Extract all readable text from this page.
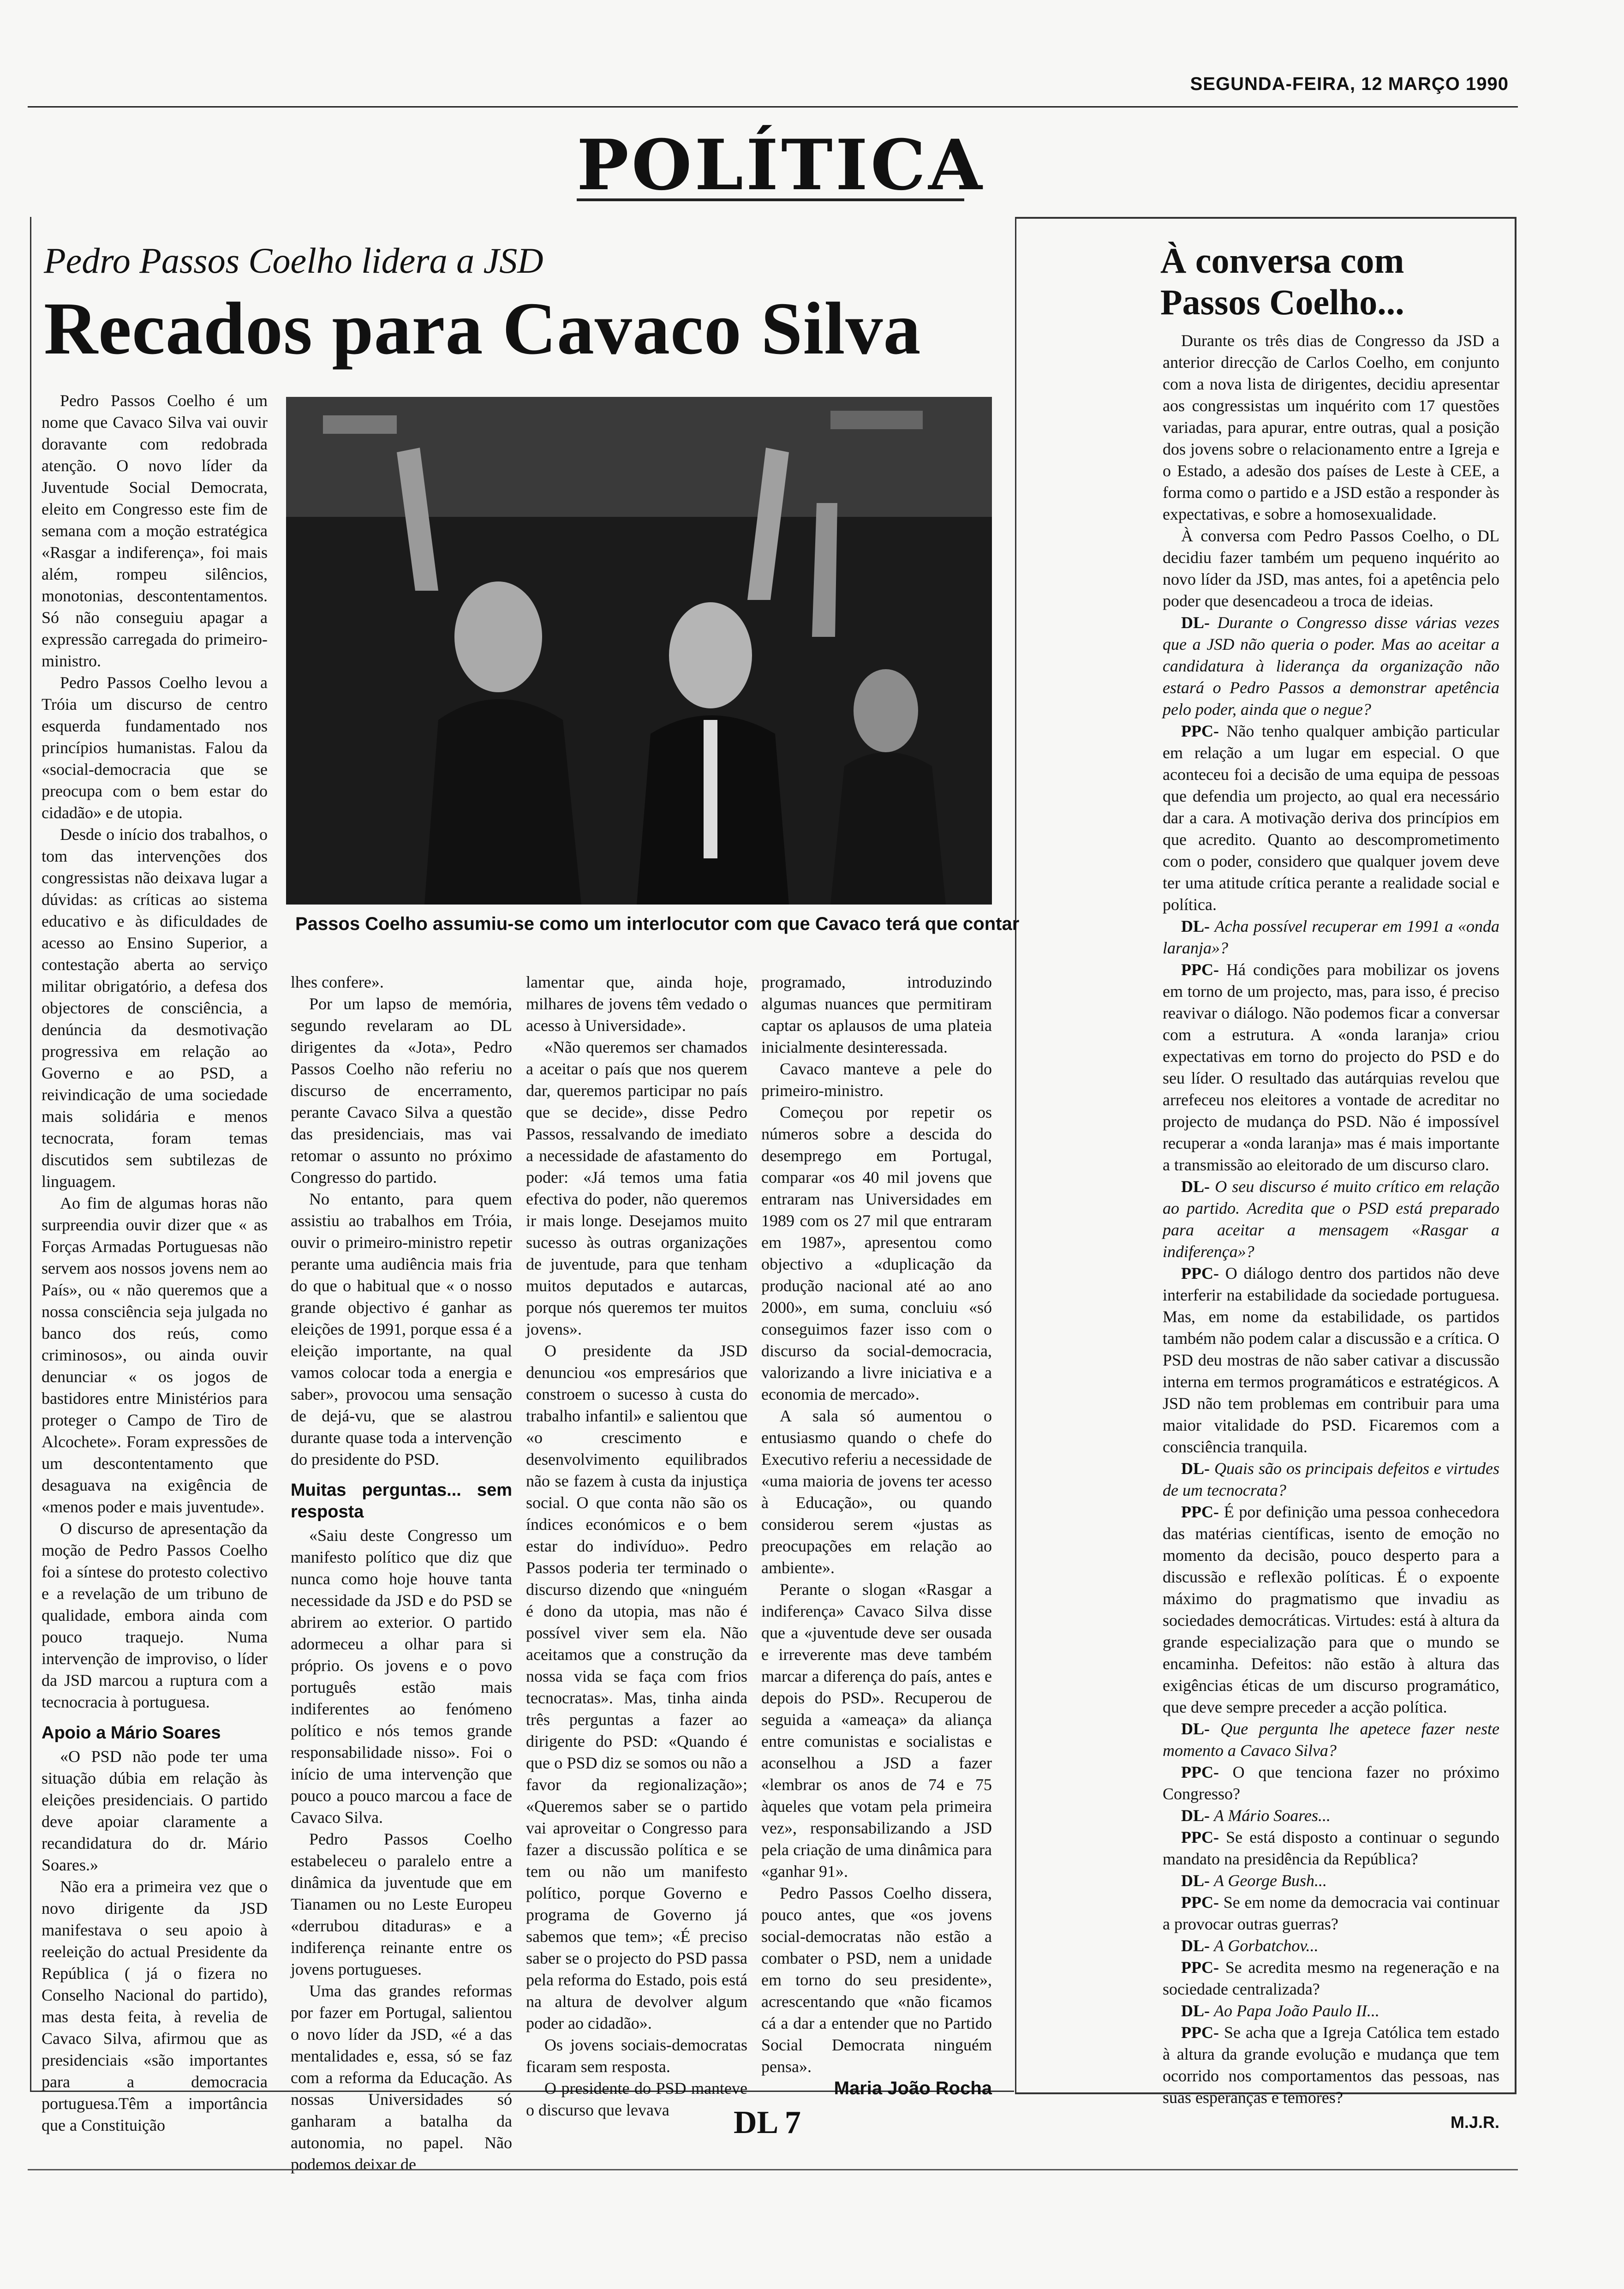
SEGUNDA-FEIRA, 12 MARÇO 1990
POLÍTICA
Pedro Passos Coelho lidera a JSD
Recados para Cavaco Silva
Passos Coelho assumiu-se como um interlocutor com que Cavaco terá que contar

Pedro Passos Coelho é um nome que Cavaco Silva vai ouvir doravante com redobrada atenção. O novo líder da Juventude Social Democrata, eleito em Congresso este fim de semana com a moção estratégica «Rasgar a indiferença», foi mais além, rompeu silêncios, monotonias, descontentamentos. Só não conseguiu apagar a expressão carregada do primeiro-ministro.

Pedro Passos Coelho levou a Tróia um discurso de centro esquerda fundamentado nos princípios humanistas. Falou da «social-democracia que se preocupa com o bem estar do cidadão» e de utopia.

Desde o início dos trabalhos, o tom das intervenções dos congressistas não deixava lugar a dúvidas: as críticas ao sistema educativo e às dificuldades de acesso ao Ensino Superior, a contestação aberta ao serviço militar obrigatório, a defesa dos objectores de consciência, a denúncia da desmotivação progressiva em relação ao Governo e ao PSD, a reivindicação de uma sociedade mais solidária e menos tecnocrata, foram temas discutidos sem subtilezas de linguagem.

Ao fim de algumas horas não surpreendia ouvir dizer que « as Forças Armadas Portuguesas não servem aos nossos jovens nem ao País», ou « não queremos que a nossa consciência seja julgada no banco dos reús, como criminosos», ou ainda ouvir denunciar « os jogos de bastidores entre Ministérios para proteger o Campo de Tiro de Alcochete». Foram expressões de um descontentamento que desaguava na exigência de «menos poder e mais juventude».

O discurso de apresentação da moção de Pedro Passos Coelho foi a síntese do protesto colectivo e a revelação de um tribuno de qualidade, embora ainda com pouco traquejo. Numa intervenção de improviso, o líder da JSD marcou a ruptura com a tecnocracia à portuguesa.

Apoio a Mário Soares

«O PSD não pode ter uma situação dúbia em relação às eleições presidenciais. O partido deve apoiar claramente a recandidatura do dr. Mário Soares.»

Não era a primeira vez que o novo dirigente da JSD manifestava o seu apoio à reeleição do actual Presidente da República ( já o fizera no Conselho Nacional do partido), mas desta feita, à revelia de Cavaco Silva, afirmou que as presidenciais «são importantes para a democracia portuguesa.Têm a importância que a Constituição

lhes confere».

Por um lapso de memória, segundo revelaram ao DL dirigentes da «Jota», Pedro Passos Coelho não referiu no discurso de encerramento, perante Cavaco Silva a questão das presidenciais, mas vai retomar o assunto no próximo Congresso do partido.

No entanto, para quem assistiu ao trabalhos em Tróia, ouvir o primeiro-ministro repetir perante uma audiência mais fria do que o habitual que « o nosso grande objectivo é ganhar as eleições de 1991, porque essa é a eleição importante, na qual vamos colocar toda a energia e saber», provocou uma sensação de dejá-vu, que se alastrou durante quase toda a intervenção do presidente do PSD.

Muitas perguntas... sem resposta

«Saiu deste Congresso um manifesto político que diz que nunca como hoje houve tanta necessidade da JSD e do PSD se abrirem ao exterior. O partido adormeceu a olhar para si próprio. Os jovens e o povo português estão mais indiferentes ao fenómeno político e nós temos grande responsabilidade nisso». Foi o início de uma intervenção que pouco a pouco marcou a face de Cavaco Silva.

Pedro Passos Coelho estabeleceu o paralelo entre a dinâmica da juventude que em Tianamen ou no Leste Europeu «derrubou ditaduras» e a indiferença reinante entre os jovens portugueses.

Uma das grandes reformas por fazer em Portugal, salientou o novo líder da JSD, «é a das mentalidades e, essa, só se faz com a reforma da Educação. As nossas Universidades só ganharam a batalha da autonomia, no papel. Não podemos deixar de

lamentar que, ainda hoje, milhares de jovens têm vedado o acesso à Universidade».

«Não queremos ser chamados a aceitar o país que nos querem dar, queremos participar no país que se decide», disse Pedro Passos, ressalvando de imediato a necessidade de afastamento do poder: «Já temos uma fatia efectiva do poder, não queremos ir mais longe. Desejamos muito sucesso às outras organizações de juventude, para que tenham muitos deputados e autarcas, porque nós queremos ter muitos jovens».

O presidente da JSD denunciou «os empresários que constroem o sucesso à custa do trabalho infantil» e salientou que «o crescimento e desenvolvimento equilibrados não se fazem à custa da injustiça social. O que conta não são os índices económicos e o bem estar do indivíduo». Pedro Passos poderia ter terminado o discurso dizendo que «ninguém é dono da utopia, mas não é possível viver sem ela. Não aceitamos que a construção da nossa vida se faça com frios tecnocratas». Mas, tinha ainda três perguntas a fazer ao dirigente do PSD: «Quando é que o PSD diz se somos ou não a favor da regionalização»; «Queremos saber se o partido vai aproveitar o Congresso para fazer a discussão política e se tem ou não um manifesto político, porque Governo e programa de Governo já sabemos que tem»; «É preciso saber se o projecto do PSD passa pela reforma do Estado, pois está na altura de devolver algum poder ao cidadão».

Os jovens sociais-democratas ficaram sem resposta.

O presidente do PSD manteve o discurso que levava

programado, introduzindo algumas nuances que permitiram captar os aplausos de uma plateia inicialmente desinteressada.

Cavaco manteve a pele do primeiro-ministro.

Começou por repetir os números sobre a descida do desemprego em Portugal, comparar «os 40 mil jovens que entraram nas Universidades em 1989 com os 27 mil que entraram em 1987», apresentou como objectivo a «duplicação da produção nacional até ao ano 2000», em suma, concluiu «só conseguimos fazer isso com o discurso da social-democracia, valorizando a livre iniciativa e a economia de mercado».

A sala só aumentou o entusiasmo quando o chefe do Executivo referiu a necessidade de «uma maioria de jovens ter acesso à Educação», ou quando considerou serem «justas as preocupações em relação ao ambiente».

Perante o slogan «Rasgar a indiferença» Cavaco Silva disse que a «juventude deve ser ousada e irreverente mas deve também marcar a diferença do país, antes e depois do PSD». Recuperou de seguida a «ameaça» da aliança entre comunistas e socialistas e aconselhou a JSD a fazer «lembrar os anos de 74 e 75 àqueles que votam pela primeira vez», responsabilizando a JSD pela criação de uma dinâmica para «ganhar 91».

Pedro Passos Coelho dissera, pouco antes, que «os jovens social-democratas não estão a combater o PSD, nem a unidade em torno do seu presidente», acrescentando que «não ficamos cá a dar a entender que no Partido Social Democrata ninguém pensa».

Maria João Rocha
À conversa com Passos Coelho...

Durante os três dias de Congresso da JSD a anterior direcção de Carlos Coelho, em conjunto com a nova lista de dirigentes, decidiu apresentar aos congressistas um inquérito com 17 questões variadas, para apurar, entre outras, qual a posição dos jovens sobre o relacionamento entre a Igreja e o Estado, a adesão dos países de Leste à CEE, a forma como o partido e a JSD estão a responder às expectativas, e sobre a homosexualidade.

À conversa com Pedro Passos Coelho, o DL decidiu fazer também um pequeno inquérito ao novo líder da JSD, mas antes, foi a apetência pelo poder que desencadeou a troca de ideias.

DL- Durante o Congresso disse várias vezes que a JSD não queria o poder. Mas ao aceitar a candidatura à liderança da organização não estará o Pedro Passos a demonstrar apetência pelo poder, ainda que o negue?

PPC- Não tenho qualquer ambição particular em relação a um lugar em especial. O que aconteceu foi a decisão de uma equipa de pessoas que defendia um projecto, ao qual era necessário dar a cara. A motivação deriva dos princípios em que acredito. Quanto ao descomprometimento com o poder, considero que qualquer jovem deve ter uma atitude crítica perante a realidade social e política.

DL- Acha possível recuperar em 1991 a «onda laranja»?

PPC- Há condições para mobilizar os jovens em torno de um projecto, mas, para isso, é preciso reavivar o diálogo. Não podemos ficar a conversar com a estrutura. A «onda laranja» criou expectativas em torno do projecto do PSD e do seu líder. O resultado das autárquias revelou que arrefeceu nos eleitores a vontade de acreditar no projecto de mudança do PSD. Não é impossível recuperar a «onda laranja» mas é mais importante a transmissão ao eleitorado de um discurso claro.

DL- O seu discurso é muito crítico em relação ao partido. Acredita que o PSD está preparado para aceitar a mensagem «Rasgar a indiferença»?

PPC- O diálogo dentro dos partidos não deve interferir na estabilidade da sociedade portuguesa. Mas, em nome da estabilidade, os partidos também não podem calar a discussão e a crítica. O PSD deu mostras de não saber cativar a discussão interna em termos programáticos e estratégicos. A JSD não tem problemas em contribuir para uma maior vitalidade do PSD. Ficaremos com a consciência tranquila.

DL- Quais são os principais defeitos e virtudes de um tecnocrata?

PPC- É por definição uma pessoa conhecedora das matérias científicas, isento de emoção no momento da decisão, pouco desperto para a discussão e reflexão políticas. É o expoente máximo do pragmatismo que invadiu as sociedades democráticas. Virtudes: está à altura da grande especialização para que o mundo se encaminha. Defeitos: não estão à altura das exigências éticas de um discurso programático, que deve sempre preceder a acção política.

DL- Que pergunta lhe apetece fazer neste momento a Cavaco Silva?

PPC- O que tenciona fazer no próximo Congresso?

DL- A Mário Soares...

PPC- Se está disposto a continuar o segundo mandato na presidência da República?

DL- A George Bush...

PPC- Se em nome da democracia vai continuar a provocar outras guerras?

DL- A Gorbatchov...

PPC- Se acredita mesmo na regeneração e na sociedade centralizada?

DL- Ao Papa João Paulo II...

PPC- Se acha que a Igreja Católica tem estado à altura da grande evolução e mudança que tem ocorrido nos comportamentos das pessoas, nas suas esperanças e temores?

M.J.R.
DL 7
